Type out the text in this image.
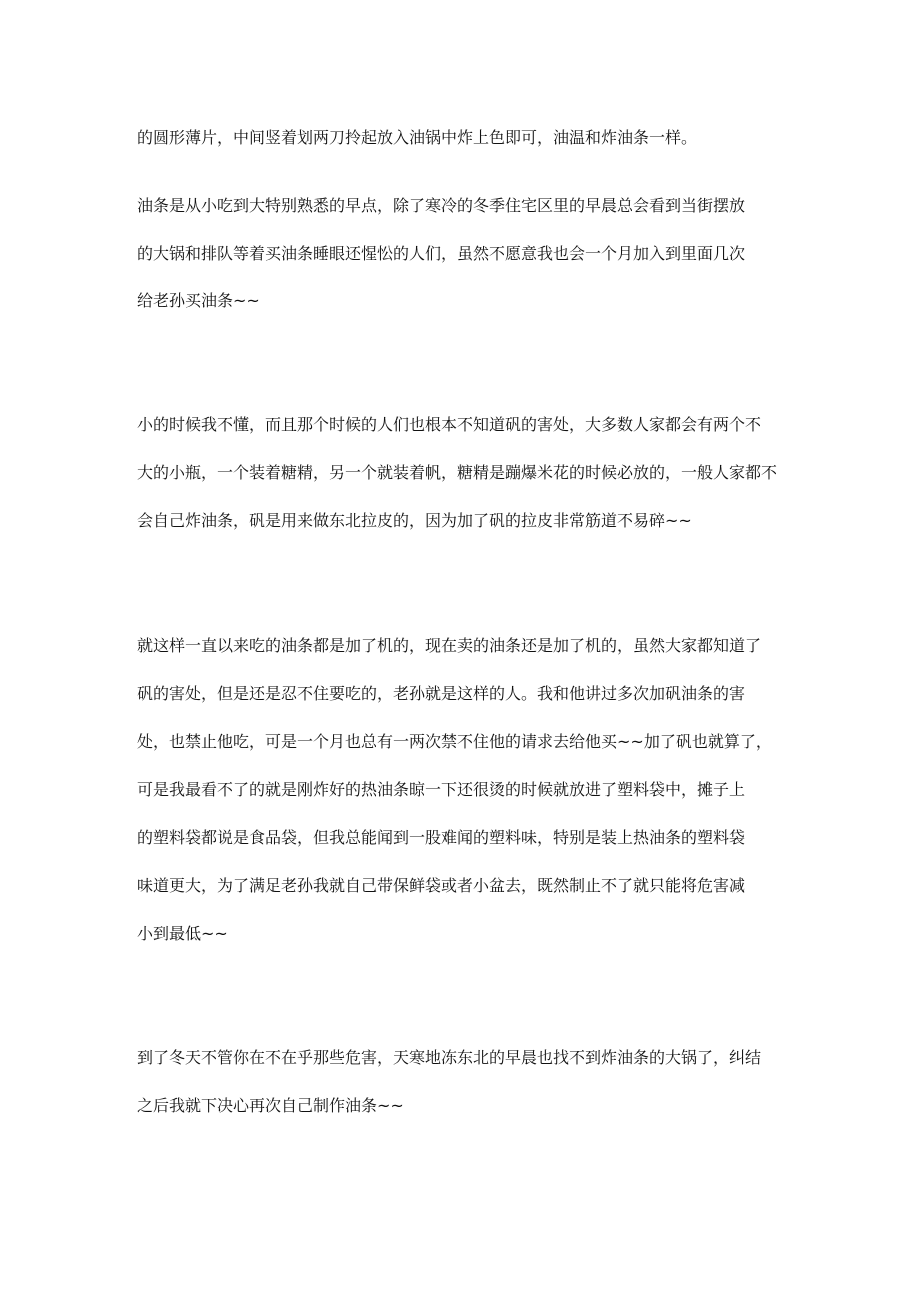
的圆形薄片，中间竖着划两刀拎起放入油锅中炸上色即可，油温和炸油条一样。
油条是从小吃到大特别熟悉的早点，除了寒冷的冬季住宅区里的早晨总会看到当街摆放
的大锅和排队等着买油条睡眼还惺忪的人们，虽然不愿意我也会一个月加入到里面几次
给老孙买油条~~
小的时候我不懂，而且那个时候的人们也根本不知道矾的害处，大多数人家都会有两个不
大的小瓶，一个装着糖精，另一个就装着帆，糖精是蹦爆米花的时候必放的，一般人家都不
会自己炸油条，矾是用来做东北拉皮的，因为加了矾的拉皮非常筋道不易碎~~
就这样一直以来吃的油条都是加了机的，现在卖的油条还是加了机的，虽然大家都知道了
矾的害处，但是还是忍不住要吃的，老孙就是这样的人。我和他讲过多次加矾油条的害
处，也禁止他吃，可是一个月也总有一两次禁不住他的请求去给他买~~加了矾也就算了，
可是我最看不了的就是刚炸好的热油条晾一下还很烫的时候就放进了塑料袋中，摊子上
的塑料袋都说是食品袋，但我总能闻到一股难闻的塑料味，特别是装上热油条的塑料袋
味道更大，为了满足老孙我就自己带保鲜袋或者小盆去，既然制止不了就只能将危害减
小到最低~~
到了冬天不管你在不在乎那些危害，天寒地冻东北的早晨也找不到炸油条的大锅了，纠结
之后我就下决心再次自己制作油条~~
